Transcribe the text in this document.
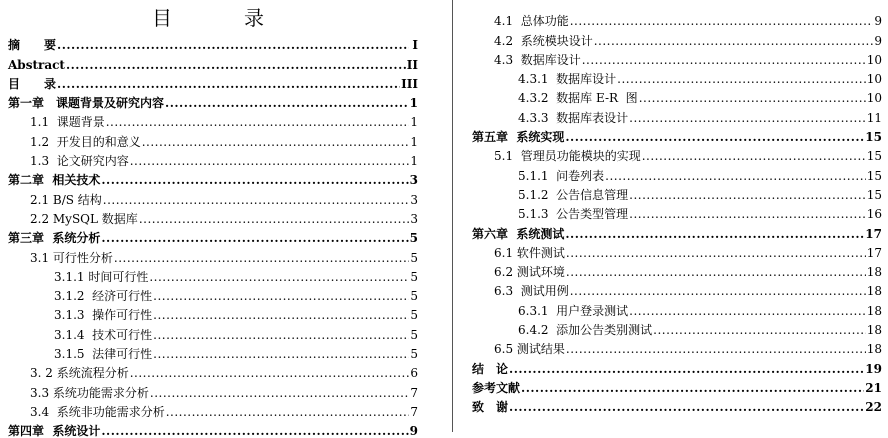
目　录
摘　　要 .....	I
Abstract .....	II
目　　录 .....	III
第一章　课题背景及研究内容 .....	1
1.1  课题背景 .....	1
1.2  开发目的和意义 .....	1
1.3  论文研究内容 .....	1
第二章  相关技术 .....	3
2.1 B/S 结构 .....	3
2.2 MySQL 数据库 .....	3
第三章  系统分析 .....	5
3.1 可行性分析 .....	5
3.1.1 时间可行性 .....	5
3.1.2  经济可行性 .....	5
3.1.3  操作可行性 .....	5
3.1.4  技术可行性 .....	5
3.1.5  法律可行性 .....	5
3. 2 系统流程分析 .....	6
3.3 系统功能需求分析 .....	7
3.4  系统非功能需求分析 .....	7
第四章  系统设计 .....	9
4.1  总体功能 .....	9
4.2  系统模块设计 .....	9
4.3  数据库设计 .....	10
4.3.1  数据库设计 .....	10
4.3.2  数据库 E-R  图 .....	10
4.3.3  数据库表设计 .....	11
第五章  系统实现 .....	15
5.1  管理员功能模块的实现 .....	15
5.1.1  问卷列表 .....	15
5.1.2  公告信息管理 .....	15
5.1.3  公告类型管理 .....	16
第六章  系统测试 .....	17
6.1 软件测试 .....	17
6.2 测试环境 .....	18
6.3  测试用例 .....	18
6.3.1  用户登录测试 .....	18
6.4.2  添加公告类别测试 .....	18
6.5 测试结果 .....	18
结　论 .....	19
参考文献 .....	21
致　谢 .....	22
